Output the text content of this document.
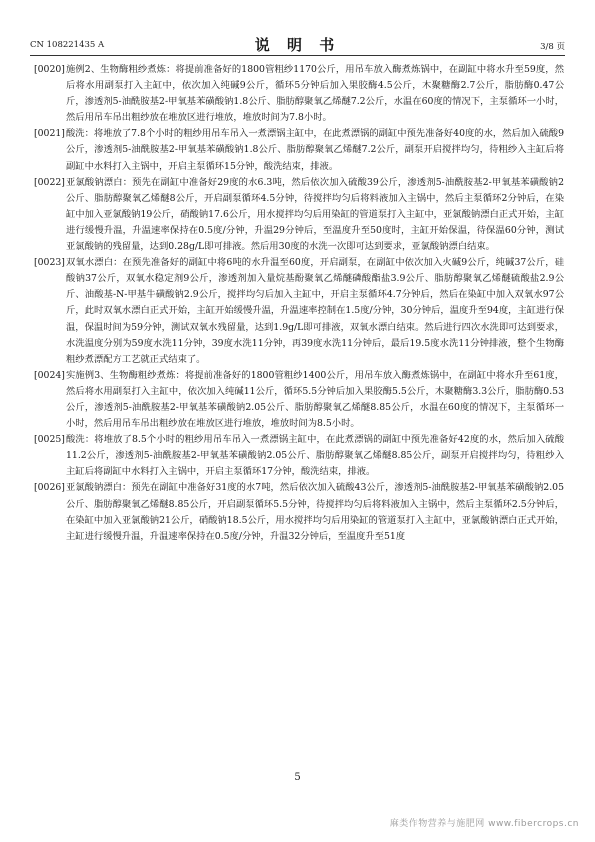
CN 108221435 A	说 明 书	3/8 页

[0020] 施例2、生物酶粗纱煮炼：将提前准备好的1800管粗纱1170公斤，用吊车放入酶煮炼锅中，在副缸中将水升至59度，然后将水用副泵打入主缸中，依次加入纯碱9公斤，循环5分钟后加入果胶酶4.5公斤，木聚糖酶2.7公斤，脂肪酶0.47公斤，渗透剂5-油酰胺基2-甲氧基苯磺酸钠1.8公斤、脂肪醇聚氧乙烯醚7.2公斤，水温在60度的情况下，主泵循环一小时，然后用吊车吊出粗纱放在堆放区进行堆放，堆放时间为7.8小时。

[0021] 酸洗：将堆放了7.8个小时的粗纱用吊车吊入一煮漂锅主缸中，在此煮漂锅的副缸中预先准备好40度的水，然后加入硫酸9公斤，渗透剂5-油酰胺基2-甲氧基苯磺酸钠1.8公斤、脂肪醇聚氧乙烯醚7.2公斤，副泵开启搅拌均匀，待粗纱入主缸后将副缸中水料打入主锅中，开启主泵循环15分钟，酸洗结束，排液。

[0022] 亚氯酸钠漂白：预先在副缸中准备好29度的水6.3吨，然后依次加入硫酸39公斤，渗透剂5-油酰胺基2-甲氧基苯磺酸钠2公斤、脂肪醇聚氧乙烯醚8公斤，开启副泵循环4.5分钟，待搅拌均匀后将料液加入主锅中，然后主泵循环2分钟后，在染缸中加入亚氯酸钠19公斤，硝酸钠17.6公斤，用水搅拌均匀后用染缸的管道泵打入主缸中，亚氯酸钠漂白正式开始，主缸进行缓慢升温，升温速率保持在0.5度/分钟，升温29分钟后，至温度升至50度时，主缸开始保温，待保温60分钟，测试亚氯酸钠的残留量，达到0.28g/L即可排液。然后用30度的水洗一次即可达到要求，亚氯酸钠漂白结束。

[0023] 双氧水漂白：在预先准备好的副缸中将6吨的水升温至60度，开启副泵，在副缸中依次加入火碱9公斤，纯碱37公斤，硅酸钠37公斤，双氧水稳定剂9公斤，渗透剂加入量烷基酚聚氧乙烯醚磷酸酯盐3.9公斤、脂肪醇聚氧乙烯醚硫酸盐2.9公斤、油酸基-N-甲基牛磺酸钠2.9公斤，搅拌均匀后加入主缸中，开启主泵循环4.7分钟后，然后在染缸中加入双氧水97公斤，此时双氧水漂白正式开始，主缸开始缓慢升温，升温速率控制在1.5度/分钟，30分钟后，温度升至94度，主缸进行保温，保温时间为59分钟，测试双氧水残留量，达到1.9g/L即可排液，双氧水漂白结束。然后进行四次水洗即可达到要求，水洗温度分别为59度水洗11分钟，39度水洗11分钟，再39度水洗11分钟后，最后19.5度水洗11分钟排液，整个生物酶粗纱煮漂配方工艺就正式结束了。

[0024] 实施例3、生物酶粗纱煮炼：将提前准备好的1800管粗纱1400公斤，用吊车放入酶煮炼锅中，在副缸中将水升至61度，然后将水用副泵打入主缸中，依次加入纯碱11公斤，循环5.5分钟后加入果胶酶5.5公斤，木聚糖酶3.3公斤，脂肪酶0.53公斤，渗透剂5-油酰胺基2-甲氧基苯磺酸钠2.05公斤、脂肪醇聚氧乙烯醚8.85公斤，水温在60度的情况下，主泵循环一小时，然后用吊车吊出粗纱放在堆放区进行堆放，堆放时间为8.5小时。

[0025] 酸洗：将堆放了8.5个小时的粗纱用吊车吊入一煮漂锅主缸中，在此煮漂锅的副缸中预先准备好42度的水，然后加入硫酸11.2公斤，渗透剂5-油酰胺基2-甲氧基苯磺酸钠2.05公斤、脂肪醇聚氧乙烯醚8.85公斤，副泵开启搅拌均匀，待粗纱入主缸后将副缸中水料打入主锅中，开启主泵循环17分钟，酸洗结束，排液。

[0026] 亚氯酸钠漂白：预先在副缸中准备好31度的水7吨，然后依次加入硫酸43公斤，渗透剂5-油酰胺基2-甲氧基苯磺酸钠2.05公斤、脂肪醇聚氧乙烯醚8.85公斤，开启副泵循环5.5分钟，待搅拌均匀后将料液加入主锅中，然后主泵循环2.5分钟后，在染缸中加入亚氯酸钠21公斤，硝酸钠18.5公斤，用水搅拌均匀后用染缸的管道泵打入主缸中，亚氯酸钠漂白正式开始，主缸进行缓慢升温，升温速率保持在0.5度/分钟，升温32分钟后，至温度升至51度

5
麻类作物营养与施肥网 www.fibercrops.cn
